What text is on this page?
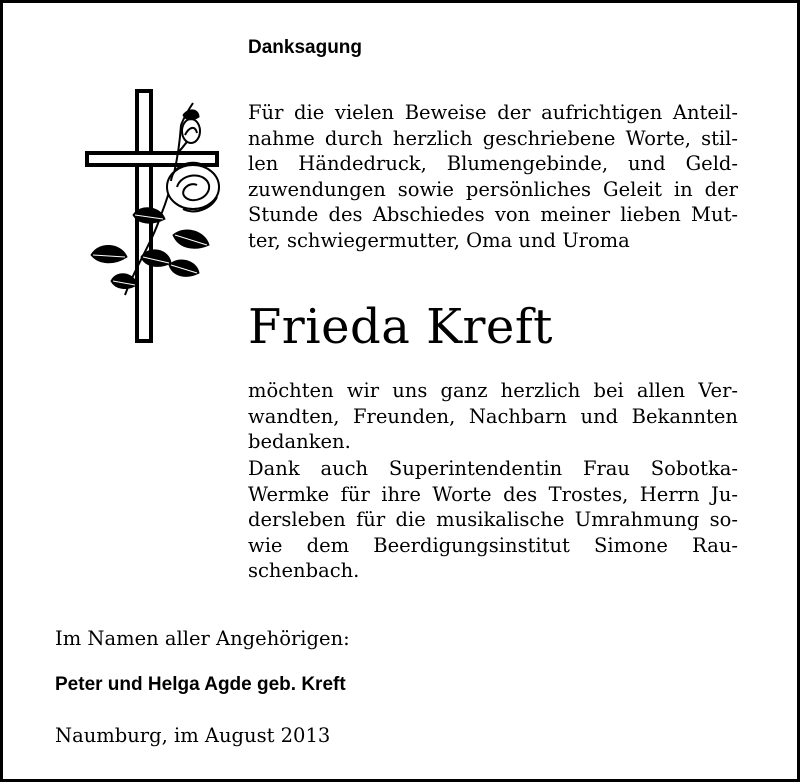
Danksagung

Für die vielen Beweise der aufrichtigen Anteil-
nahme durch herzlich geschriebene Worte, stil-
len Händedruck, Blumengebinde, und Geld-
zuwendungen sowie persönliches Geleit in der
Stunde des Abschiedes von meiner lieben Mut-
ter, schwiegermutter, Oma und Uroma

Frieda Kreft

möchten wir uns ganz herzlich bei allen Ver-
wandten, Freunden, Nachbarn und Bekannten
bedanken.

Dank auch Superintendentin Frau Sobotka-
Wermke für ihre Worte des Trostes, Herrn Ju-
dersleben für die musikalische Umrahmung so-
wie dem Beerdigungsinstitut Simone Rau-
schenbach.

Im Namen aller Angehörigen:
Peter und Helga Agde geb. Kreft
Naumburg, im August 2013
